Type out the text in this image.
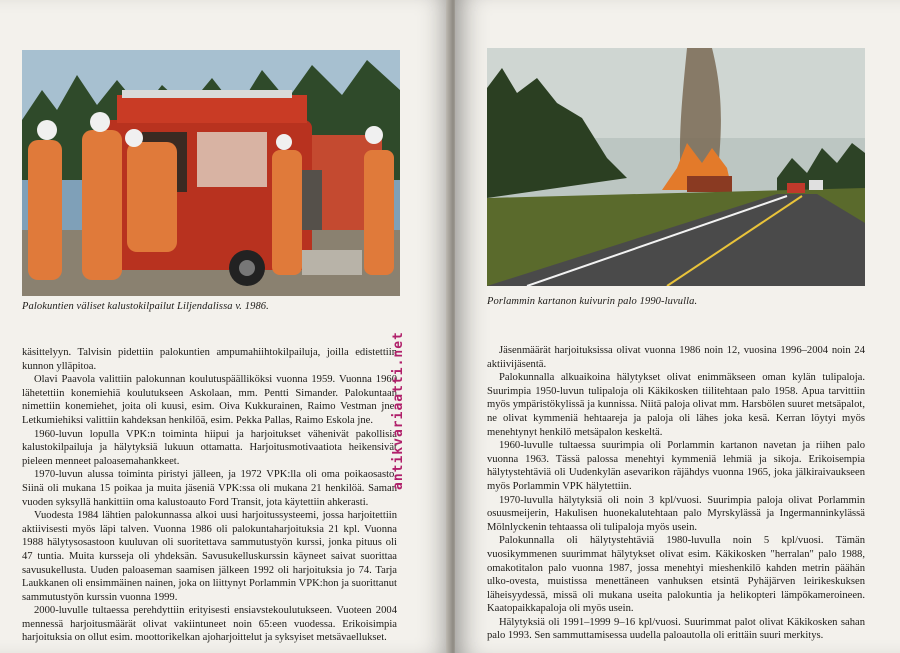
Palokuntien väliset kalustokilpailut Liljendalissa v. 1986.

käsittelyyn. Talvisin pidettiin palokuntien ampumahiihtokilpailuja, joilla edistettiin kunnon ylläpitoa.

Olavi Paavola valittiin palokunnan koulutuspäälliköksi vuonna 1959. Vuonna 1960 lähetettiin konemiehiä koulutukseen Askolaan, mm. Pentti Simander. Palokuntaan nimettiin konemiehet, joita oli kuusi, esim. Oiva Kukkurainen, Raimo Vestman jne. Letkumiehiksi valittiin kahdeksan henkilöä, esim. Pekka Pallas, Raimo Eskola jne.

1960-luvun lopulla VPK:n toiminta hiipui ja harjoitukset vähenivät pakollisia kalustokilpailuja ja hälytyksiä lukuun ottamatta. Harjoitusmotivaatiota heikensivät pieleen menneet paloasemahankkeet.

1970-luvun alussa toiminta piristyi jälleen, ja 1972 VPK:lla oli oma poikaosasto. Siinä oli mukana 15 poikaa ja muita jäseniä VPK:ssa oli mukana 21 henkilöä. Saman vuoden syksyllä hankittiin oma kalustoauto Ford Transit, jota käytettiin ahkerasti.

Vuodesta 1984 lähtien palokunnassa alkoi uusi harjoitussysteemi, jossa harjoitettiin aktiivisesti myös läpi talven. Vuonna 1986 oli palokuntaharjoituksia 21 kpl. Vuonna 1988 hälytysosastoon kuuluvan oli suoritettava sammutustyön kurssi, jonka pituus oli 47 tuntia. Muita kursseja oli yhdeksän. Savusukelluskurssin käyneet saivat suorittaa savusukellusta. Uuden paloaseman saamisen jälkeen 1992 oli harjoituksia jo 74. Tarja Laukkanen oli ensimmäinen nainen, joka on liittynyt Porlammin VPK:hon ja suorittanut sammutustyön kurssin vuonna 1999.

2000-luvulle tultaessa perehdyttiin erityisesti ensiavstekoulutukseen. Vuoteen 2004 mennessä harjoitusmäärät olivat vakiintuneet noin 65:een vuodessa. Erikoisimpia harjoituksia on ollut esim. moottorikelkan ajoharjoittelut ja syksyiset metsävaellukset.

antikvariaatti.net
Porlammin kartanon kuivurin palo 1990-luvulla.

Jäsenmäärät harjoituksissa olivat vuonna 1986 noin 12, vuosina 1996–2004 noin 24 aktiivijäsentä.

Palokunnalla alkuaikoina hälytykset olivat enimmäkseen oman kylän tulipaloja. Suurimpia 1950-luvun tulipaloja oli Käkikosken tiilitehtaan palo 1958. Apua tarvittiin myös ympäristökylissä ja kunnissa. Niitä paloja olivat mm. Harsbölen suuret metsäpalot, ne olivat kymmeniä hehtaareja ja paloja oli lähes joka kesä. Kerran löytyi myös menehtynyt henkilö metsäpalon keskeltä.

1960-luvulle tultaessa suurimpia oli Porlammin kartanon navetan ja riihen palo vuonna 1963. Tässä palossa menehtyi kymmeniä lehmiä ja sikoja. Erikoisempia hälytystehtäviä oli Uudenkylän asevarikon räjähdys vuonna 1965, joka jälkiraivaukseen myös Porlammin VPK hälytettiin.

1970-luvulla hälytyksiä oli noin 3 kpl/vuosi. Suurimpia paloja olivat Porlammin osuusmeijerin, Hakulisen huonekalutehtaan palo Myrskylässä ja Ingermanninkylässä Mölnlyckenin tehtaassa oli tulipaloja myös usein.

Palokunnalla oli hälytystehtäviä 1980-luvulla noin 5 kpl/vuosi. Tämän vuosikymmenen suurimmat hälytykset olivat esim. Käkikosken "herralan" palo 1988, omakotitalon palo vuonna 1987, jossa menehtyi mieshenkilö kahden metrin päähän ulko-ovesta, muistissa menettäneen vanhuksen etsintä Pyhäjärven leirikeskuksen läheisyydessä, missä oli mukana useita palokuntia ja helikopteri lämpökameroineen. Kaatopaikkapaloja oli myös usein.

Hälytyksiä oli 1991–1999 9–16 kpl/vuosi. Suurimmat palot olivat Käkikosken sahan palo 1993. Sen sammuttamisessa uudella paloautolla oli erittäin suuri merkitys.
